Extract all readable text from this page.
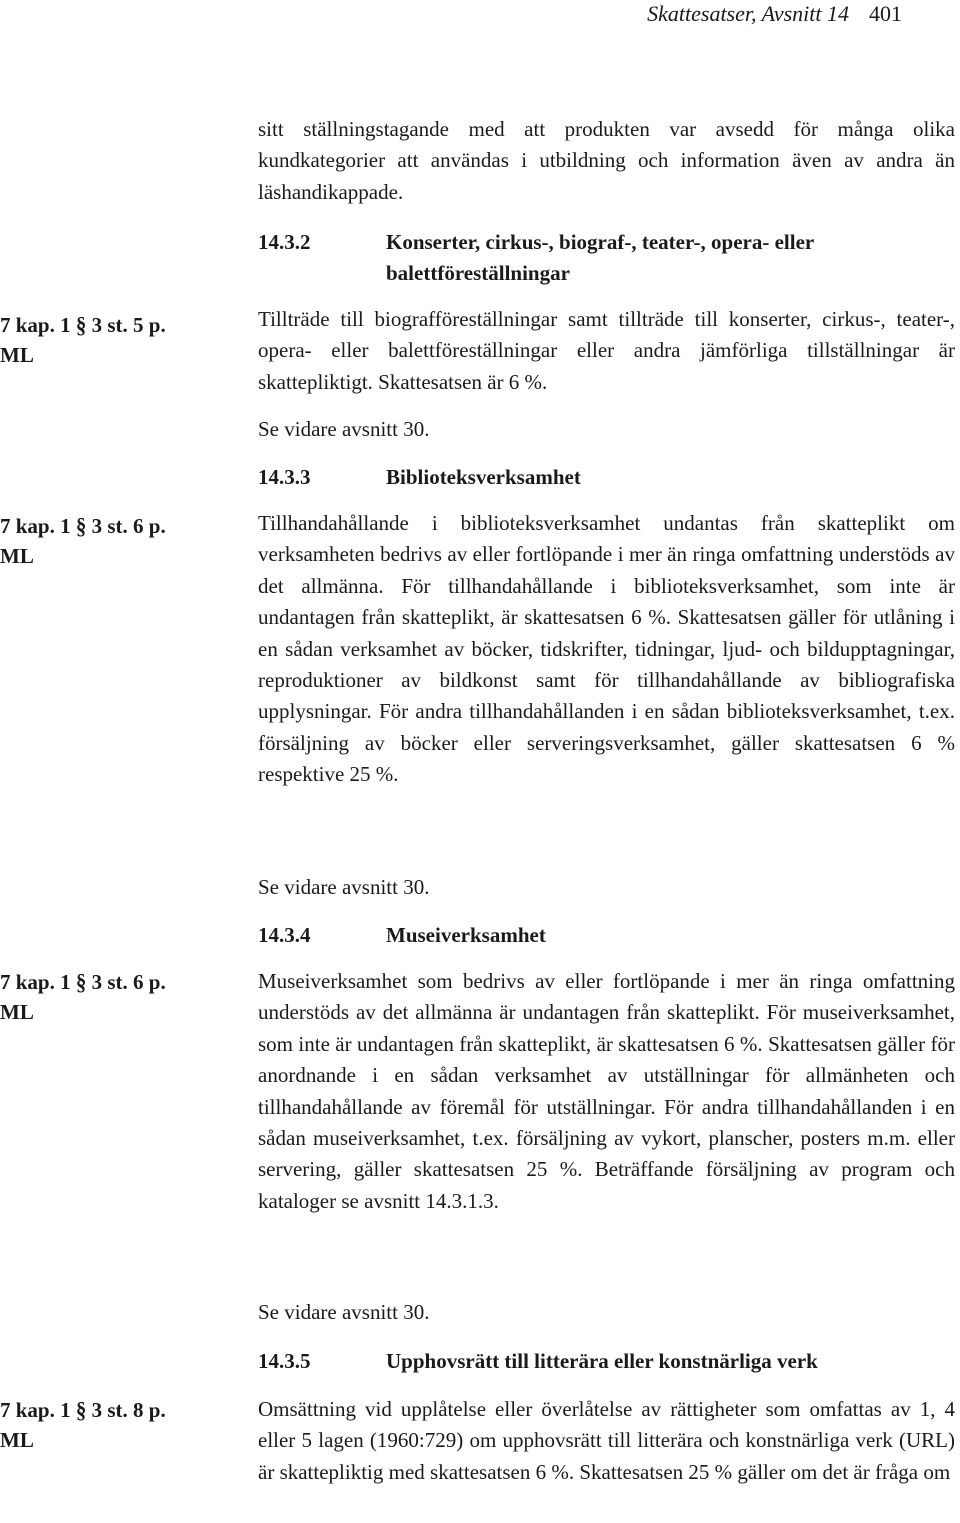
Skattesatser, Avsnitt 14 401

sitt ställningstagande med att produkten var avsedd för många olika kundkategorier att användas i utbildning och information även av andra än läshandikappade.

14.3.2	Konserter, cirkus-, biograf-, teater-, opera- eller balettföreställningar
7 kap. 1 § 3 st. 5 p.
ML

Tillträde till biografföreställningar samt tillträde till konserter, cirkus-, teater-, opera- eller balettföreställningar eller andra jämförliga tillställningar är skattepliktigt. Skattesatsen är 6 %.

Se vidare avsnitt 30.
14.3.3	Biblioteksverksamhet
7 kap. 1 § 3 st. 6 p.
ML

Tillhandahållande i biblioteksverksamhet undantas från skatteplikt om verksamheten bedrivs av eller fortlöpande i mer än ringa omfattning understöds av det allmänna. För tillhandahållande i biblioteksverksamhet, som inte är undantagen från skatteplikt, är skattesatsen 6 %. Skattesatsen gäller för utlåning i en sådan verksamhet av böcker, tidskrifter, tidningar, ljud- och bildupptagningar, reproduktioner av bildkonst samt för tillhandahållande av bibliografiska upplysningar. För andra tillhandahållanden i en sådan biblioteksverksamhet, t.ex. försäljning av böcker eller serveringsverksamhet, gäller skattesatsen 6 % respektive 25 %.

Se vidare avsnitt 30.
14.3.4	Museiverksamhet
7 kap. 1 § 3 st. 6 p.
ML

Museiverksamhet som bedrivs av eller fortlöpande i mer än ringa omfattning understöds av det allmänna är undantagen från skatteplikt. För museiverksamhet, som inte är undantagen från skatteplikt, är skattesatsen 6 %. Skattesatsen gäller för anordnande i en sådan verksamhet av utställningar för allmänheten och tillhandahållande av föremål för utställningar. För andra tillhandahållanden i en sådan museiverksamhet, t.ex. försäljning av vykort, planscher, posters m.m. eller servering, gäller skattesatsen 25 %. Beträffande försäljning av program och kataloger se avsnitt 14.3.1.3.

Se vidare avsnitt 30.
14.3.5	Upphovsrätt till litterära eller konstnärliga verk
7 kap. 1 § 3 st. 8 p.
ML

Omsättning vid upplåtelse eller överlåtelse av rättigheter som omfattas av 1, 4 eller 5 lagen (1960:729) om upphovsrätt till litterära och konstnärliga verk (URL) är skattepliktig med skattesatsen 6 %. Skattesatsen 25 % gäller om det är fråga om
